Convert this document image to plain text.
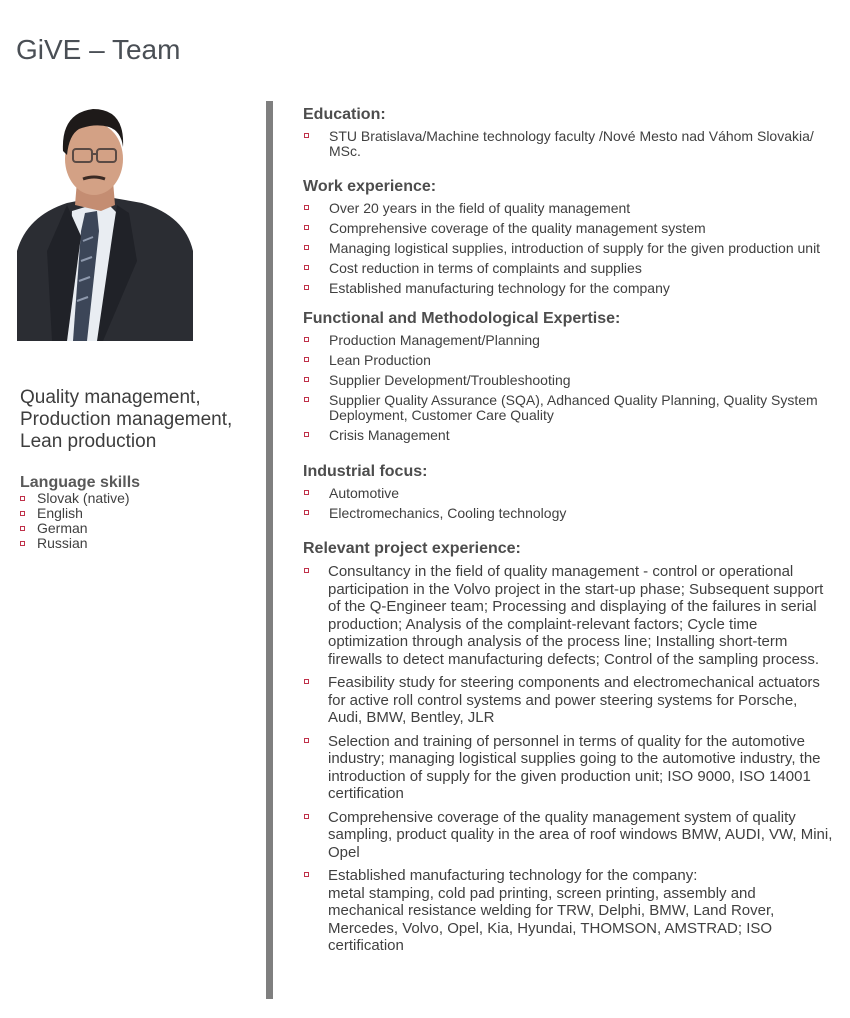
GiVE – Team
Quality management,
Production management,
Lean production
Language skills
Slovak (native)
English
German
Russian
Education:
STU Bratislava/Machine technology faculty /Nové Mesto nad Váhom Slovakia/ MSc.
Work experience:
Over 20 years in the field of quality management
Comprehensive coverage of the quality management system
Managing logistical supplies, introduction of supply for the given production unit
Cost reduction in terms of complaints and supplies
Established manufacturing technology for the company
Functional and Methodological Expertise:
Production Management/Planning
Lean Production
Supplier Development/Troubleshooting
Supplier Quality Assurance (SQA), Adhanced Quality Planning, Quality System Deployment, Customer Care Quality
Crisis Management
Industrial focus:
Automotive
Electromechanics, Cooling technology
Relevant project experience:
Consultancy in the field of quality management - control or operational participation in the Volvo project in the start-up phase; Subsequent support of the Q-Engineer team; Processing and displaying of the failures in serial production; Analysis of the complaint-relevant factors; Cycle time optimization through analysis of the process line; Installing short-term firewalls to detect manufacturing defects; Control of the sampling process.
Feasibility study for steering components and electromechanical actuators for active roll control systems and power steering systems for Porsche, Audi, BMW, Bentley, JLR
Selection and training of personnel in terms of quality for the automotive industry; managing logistical supplies going to the automotive industry, the introduction of supply for the given production unit; ISO 9000, ISO 14001 certification
Comprehensive coverage of the quality management system of quality sampling, product quality in the area of roof windows BMW, AUDI, VW, Mini, Opel
Established manufacturing technology for the company:
metal stamping, cold pad printing, screen printing, assembly and mechanical resistance welding for TRW, Delphi, BMW, Land Rover, Mercedes, Volvo, Opel, Kia, Hyundai, THOMSON, AMSTRAD; ISO certification
